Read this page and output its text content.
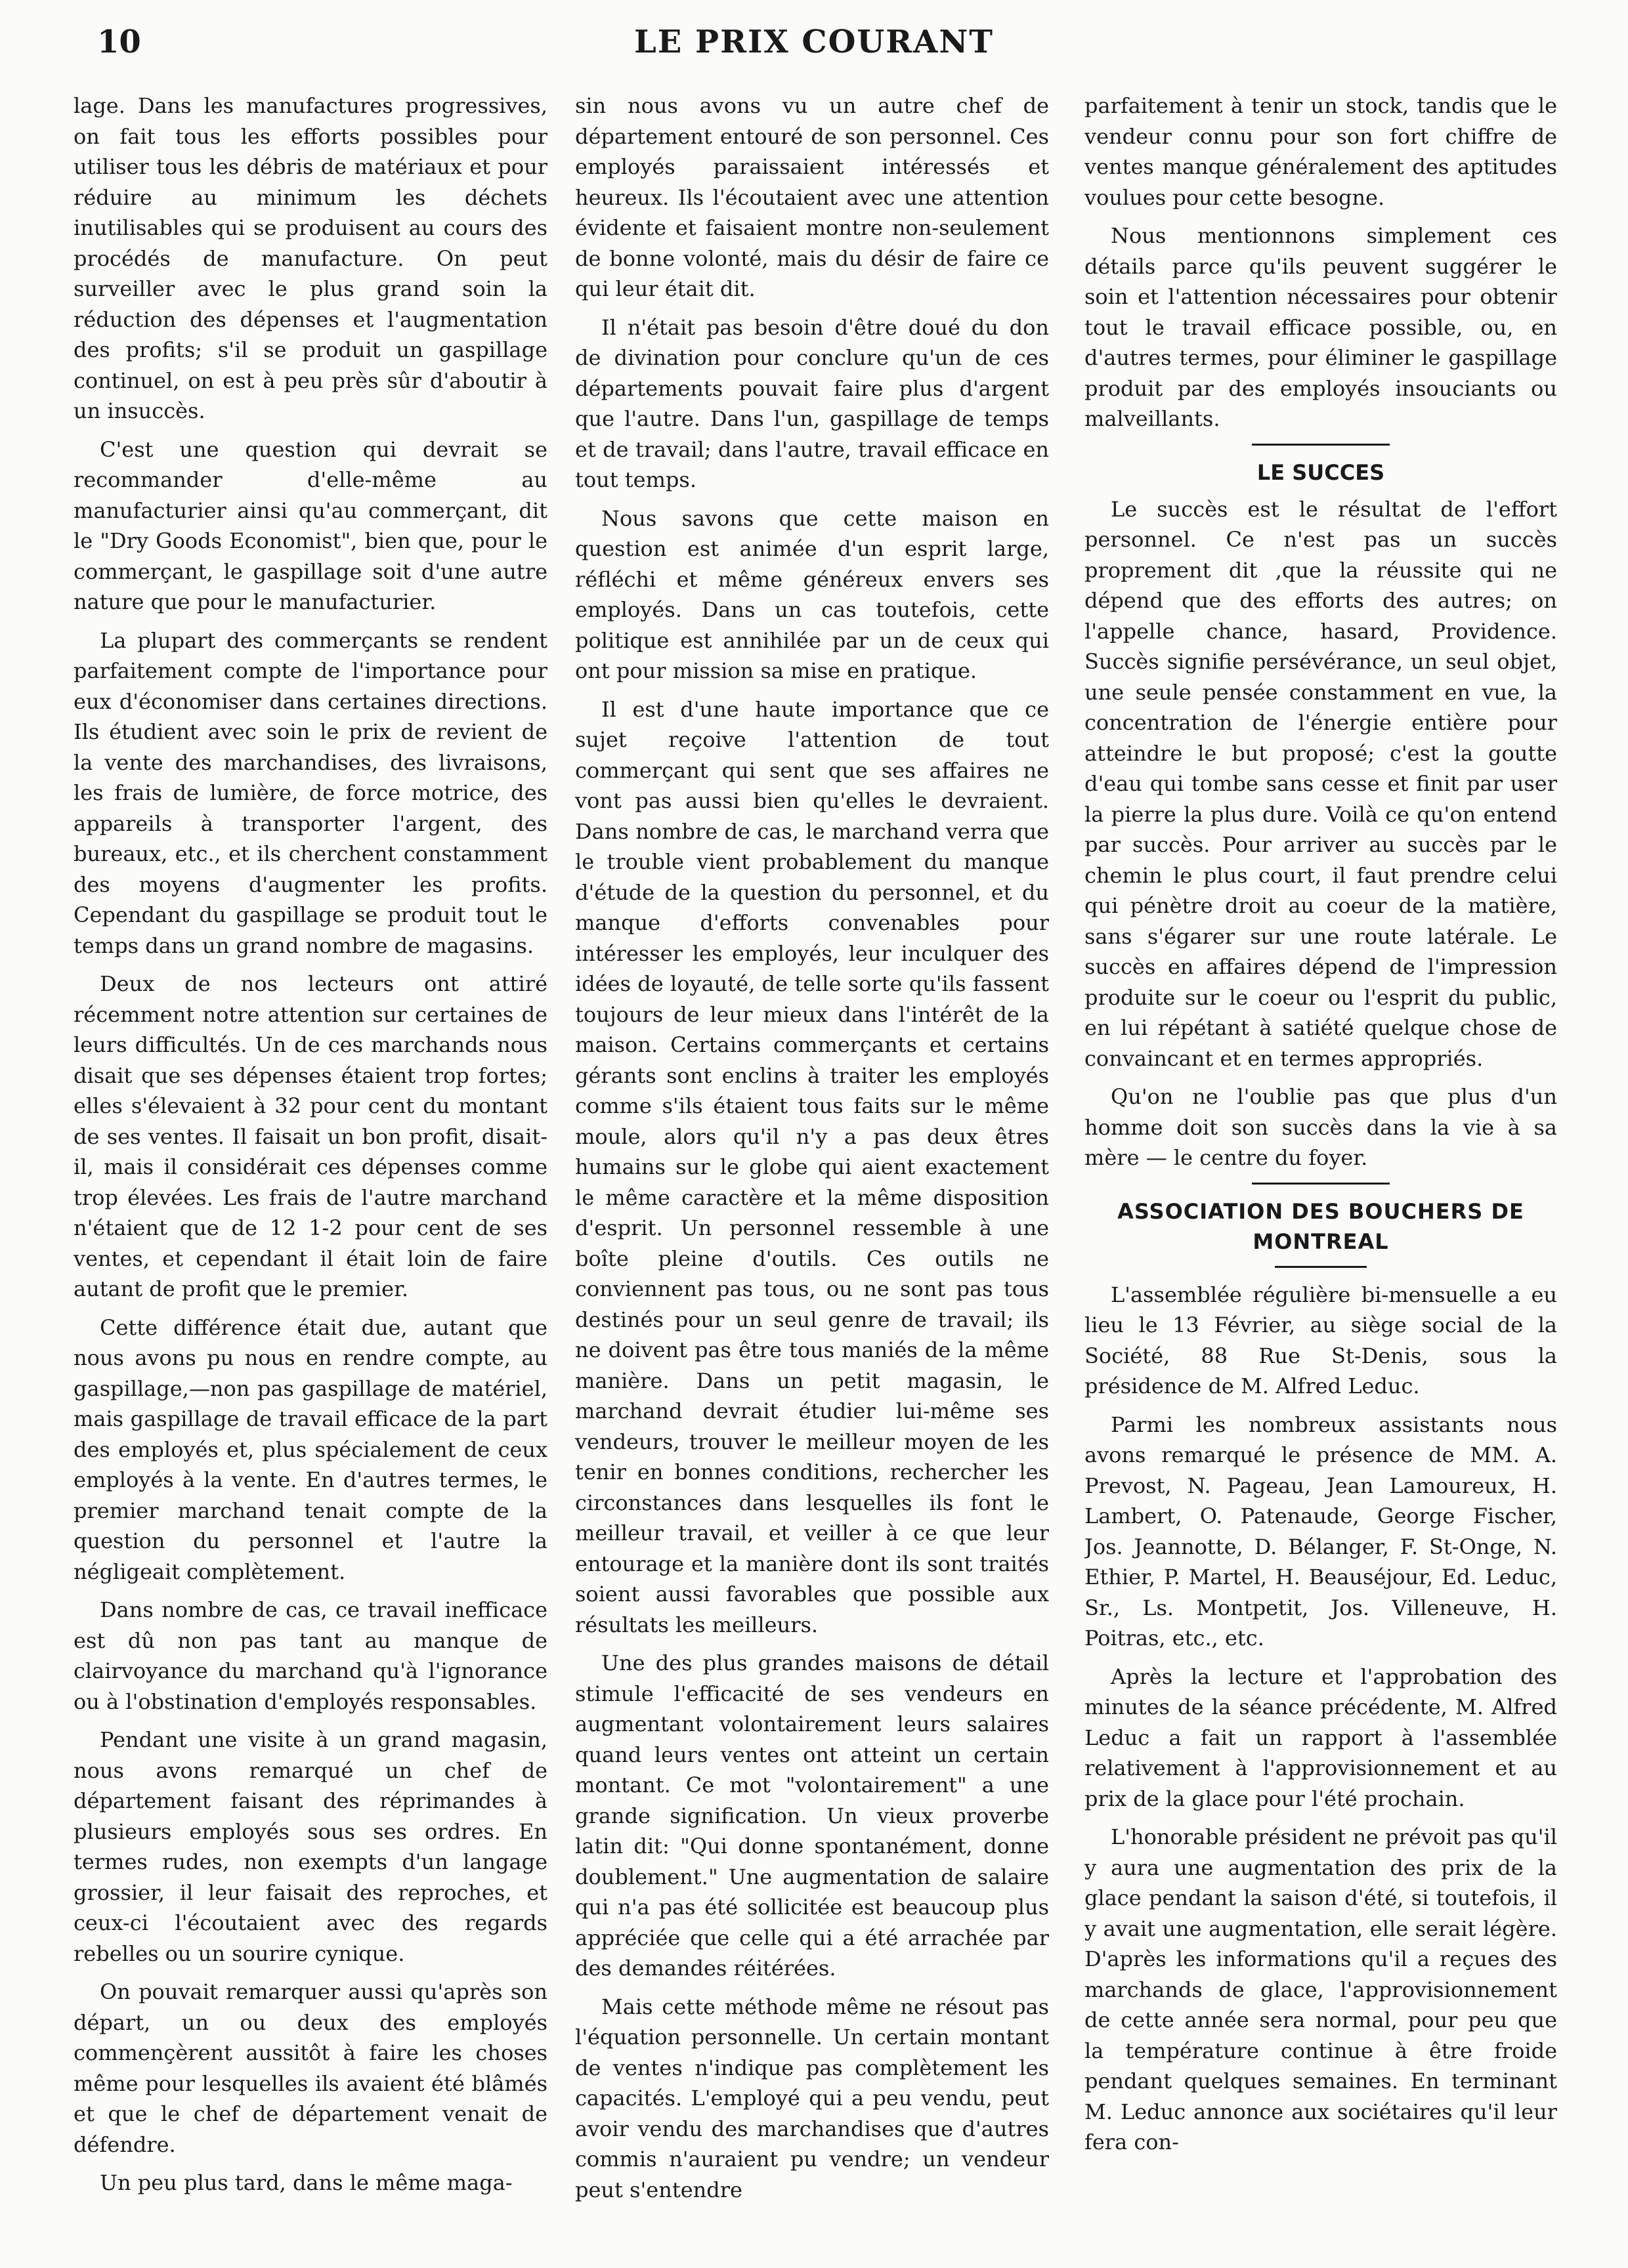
10	LE PRIX COURANT

lage. Dans les manufactures progressives, on fait tous les efforts possibles pour utiliser tous les débris de matériaux et pour réduire au minimum les déchets inutilisables qui se produisent au cours des procédés de manufacture. On peut surveiller avec le plus grand soin la réduction des dépenses et l'augmentation des profits; s'il se produit un gaspillage continuel, on est à peu près sûr d'aboutir à un insuccès.

C'est une question qui devrait se recommander d'elle-même au manufacturier ainsi qu'au commerçant, dit le "Dry Goods Economist", bien que, pour le commerçant, le gaspillage soit d'une autre nature que pour le manufacturier.

La plupart des commerçants se rendent parfaitement compte de l'importance pour eux d'économiser dans certaines directions. Ils étudient avec soin le prix de revient de la vente des marchandises, des livraisons, les frais de lumière, de force motrice, des appareils à transporter l'argent, des bureaux, etc., et ils cherchent constamment des moyens d'augmenter les profits. Cependant du gaspillage se produit tout le temps dans un grand nombre de magasins.

Deux de nos lecteurs ont attiré récemment notre attention sur certaines de leurs difficultés. Un de ces marchands nous disait que ses dépenses étaient trop fortes; elles s'élevaient à 32 pour cent du montant de ses ventes. Il faisait un bon profit, disait-il, mais il considérait ces dépenses comme trop élevées. Les frais de l'autre marchand n'étaient que de 12 1-2 pour cent de ses ventes, et cependant il était loin de faire autant de profit que le premier.

Cette différence était due, autant que nous avons pu nous en rendre compte, au gaspillage,—non pas gaspillage de matériel, mais gaspillage de travail efficace de la part des employés et, plus spécialement de ceux employés à la vente. En d'autres termes, le premier marchand tenait compte de la question du personnel et l'autre la négligeait complètement.

Dans nombre de cas, ce travail inefficace est dû non pas tant au manque de clairvoyance du marchand qu'à l'ignorance ou à l'obstination d'employés responsables.

Pendant une visite à un grand magasin, nous avons remarqué un chef de département faisant des réprimandes à plusieurs employés sous ses ordres. En termes rudes, non exempts d'un langage grossier, il leur faisait des reproches, et ceux-ci l'écoutaient avec des regards rebelles ou un sourire cynique.

On pouvait remarquer aussi qu'après son départ, un ou deux des employés commençèrent aussitôt à faire les choses même pour lesquelles ils avaient été blâmés et que le chef de département venait de défendre.

Un peu plus tard, dans le même maga-

sin nous avons vu un autre chef de département entouré de son personnel. Ces employés paraissaient intéressés et heureux. Ils l'écoutaient avec une attention évidente et faisaient montre non-seulement de bonne volonté, mais du désir de faire ce qui leur était dit.

Il n'était pas besoin d'être doué du don de divination pour conclure qu'un de ces départements pouvait faire plus d'argent que l'autre. Dans l'un, gaspillage de temps et de travail; dans l'autre, travail efficace en tout temps.

Nous savons que cette maison en question est animée d'un esprit large, réfléchi et même généreux envers ses employés. Dans un cas toutefois, cette politique est annihilée par un de ceux qui ont pour mission sa mise en pratique.

Il est d'une haute importance que ce sujet reçoive l'attention de tout commerçant qui sent que ses affaires ne vont pas aussi bien qu'elles le devraient. Dans nombre de cas, le marchand verra que le trouble vient probablement du manque d'étude de la question du personnel, et du manque d'efforts convenables pour intéresser les employés, leur inculquer des idées de loyauté, de telle sorte qu'ils fassent toujours de leur mieux dans l'intérêt de la maison. Certains commerçants et certains gérants sont enclins à traiter les employés comme s'ils étaient tous faits sur le même moule, alors qu'il n'y a pas deux êtres humains sur le globe qui aient exactement le même caractère et la même disposition d'esprit. Un personnel ressemble à une boîte pleine d'outils. Ces outils ne conviennent pas tous, ou ne sont pas tous destinés pour un seul genre de travail; ils ne doivent pas être tous maniés de la même manière. Dans un petit magasin, le marchand devrait étudier lui-même ses vendeurs, trouver le meilleur moyen de les tenir en bonnes conditions, rechercher les circonstances dans lesquelles ils font le meilleur travail, et veiller à ce que leur entourage et la manière dont ils sont traités soient aussi favorables que possible aux résultats les meilleurs.

Une des plus grandes maisons de détail stimule l'efficacité de ses vendeurs en augmentant volontairement leurs salaires quand leurs ventes ont atteint un certain montant. Ce mot "volontairement" a une grande signification. Un vieux proverbe latin dit: "Qui donne spontanément, donne doublement." Une augmentation de salaire qui n'a pas été sollicitée est beaucoup plus appréciée que celle qui a été arrachée par des demandes réitérées.

Mais cette méthode même ne résout pas l'équation personnelle. Un certain montant de ventes n'indique pas complètement les capacités. L'employé qui a peu vendu, peut avoir vendu des marchandises que d'autres commis n'auraient pu vendre; un vendeur peut s'entendre

parfaitement à tenir un stock, tandis que le vendeur connu pour son fort chiffre de ventes manque généralement des aptitudes voulues pour cette besogne.

Nous mentionnons simplement ces détails parce qu'ils peuvent suggérer le soin et l'attention nécessaires pour obtenir tout le travail efficace possible, ou, en d'autres termes, pour éliminer le gaspillage produit par des employés insouciants ou malveillants.

LE SUCCES

Le succès est le résultat de l'effort personnel. Ce n'est pas un succès proprement dit ,que la réussite qui ne dépend que des efforts des autres; on l'appelle chance, hasard, Providence. Succès signifie persévérance, un seul objet, une seule pensée constamment en vue, la concentration de l'énergie entière pour atteindre le but proposé; c'est la goutte d'eau qui tombe sans cesse et finit par user la pierre la plus dure. Voilà ce qu'on entend par succès. Pour arriver au succès par le chemin le plus court, il faut prendre celui qui pénètre droit au coeur de la matière, sans s'égarer sur une route latérale. Le succès en affaires dépend de l'impression produite sur le coeur ou l'esprit du public, en lui répétant à satiété quelque chose de convaincant et en termes appropriés.

Qu'on ne l'oublie pas que plus d'un homme doit son succès dans la vie à sa mère — le centre du foyer.

ASSOCIATION DES BOUCHERS DE MONTREAL

L'assemblée régulière bi-mensuelle a eu lieu le 13 Février, au siège social de la Société, 88 Rue St-Denis, sous la présidence de M. Alfred Leduc.

Parmi les nombreux assistants nous avons remarqué le présence de MM. A. Prevost, N. Pageau, Jean Lamoureux, H. Lambert, O. Patenaude, George Fischer, Jos. Jeannotte, D. Bélanger, F. St-Onge, N. Ethier, P. Martel, H. Beauséjour, Ed. Leduc, Sr., Ls. Montpetit, Jos. Villeneuve, H. Poitras, etc., etc.

Après la lecture et l'approbation des minutes de la séance précédente, M. Alfred Leduc a fait un rapport à l'assemblée relativement à l'approvisionnement et au prix de la glace pour l'été prochain.

L'honorable président ne prévoit pas qu'il y aura une augmentation des prix de la glace pendant la saison d'été, si toutefois, il y avait une augmentation, elle serait légère. D'après les informations qu'il a reçues des marchands de glace, l'approvisionnement de cette année sera normal, pour peu que la température continue à être froide pendant quelques semaines. En terminant M. Leduc annonce aux sociétaires qu'il leur fera con-
